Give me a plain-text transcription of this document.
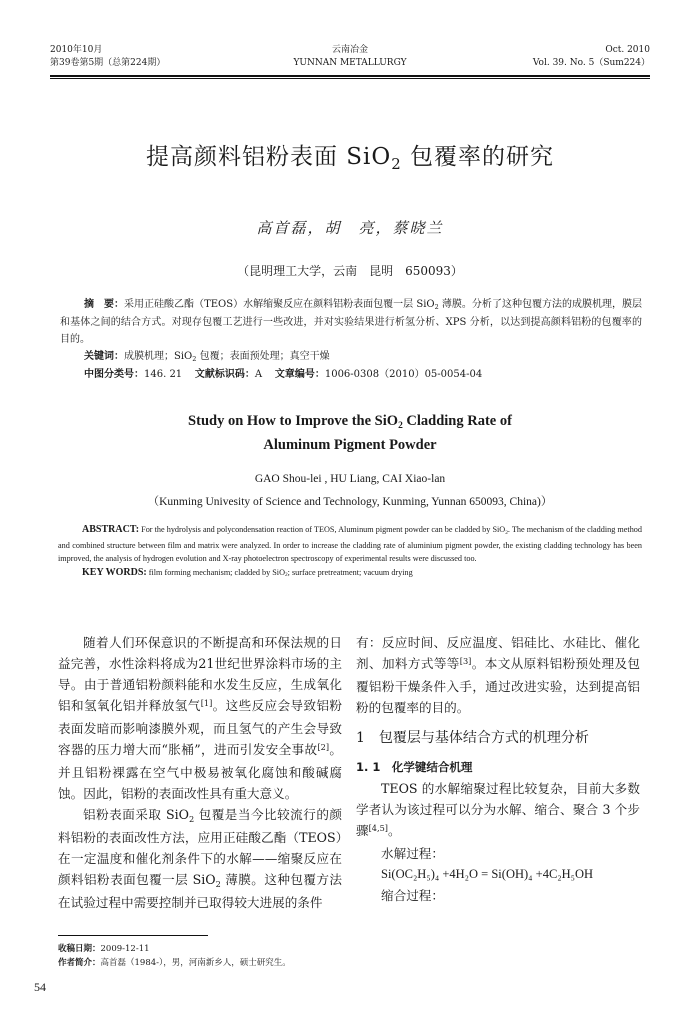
2010年10月
第39卷第5期（总第224期）
云南冶金
YUNNAN METALLURGY
Oct. 2010
Vol. 39. No. 5（Sum224）
提高颜料铝粉表面 SiO$_2$ 包覆率的研究
高首磊，胡　亮，蔡晓兰
（昆明理工大学，云南　昆明　650093）

摘　要：采用正硅酸乙酯（TEOS）水解缩聚反应在颜料铝粉表面包覆一层 SiO$_2$ 薄膜。分析了这种包覆方法的成膜机理，膜层和基体之间的结合方式。对现存包覆工艺进行一些改进，并对实验结果进行析氢分析、XPS 分析，以达到提高颜料铝粉的包覆率的目的。

关键词：成膜机理；SiO$_2$ 包覆；表面预处理；真空干燥

中图分类号：146. 21 文献标识码：A 文章编号：1006-0308（2010）05-0054-04

Study on How to Improve the SiO$_2$ Cladding Rate of
Aluminum Pigment Powder
GAO Shou-lei , HU Liang, CAI Xiao-lan
（Kunming Univesity of Science and Technology, Kunming, Yunnan 650093, China)）

ABSTRACT: For the hydrolysis and polycondensation reaction of TEOS, Aluminum pigment powder can be cladded by SiO$_2$. The mechanism of the cladding method and combined structure between film and matrix were analyzed. In order to increase the cladding rate of aluminium pigment powder, the existing cladding technology has been improved, the analysis of hydrogen evolution and X-ray photoelectron spectroscopy of experimental results were discussed too.

KEY WORDS: film forming mechanism; cladded by SiO$_2$; surface pretreatment; vacuum drying

随着人们环保意识的不断提高和环保法规的日益完善，水性涂料将成为21世纪世界涂料市场的主导。由于普通铝粉颜料能和水发生反应，生成氧化铝和氢氧化铝并释放氢气[1]。这些反应会导致铝粉表面发暗而影响漆膜外观，而且氢气的产生会导致容器的压力增大而“胀桶”，进而引发安全事故[2]。并且铝粉裸露在空气中极易被氧化腐蚀和酸碱腐蚀。因此，铝粉的表面改性具有重大意义。

铝粉表面采取 SiO$_2$ 包覆是当今比较流行的颜料铝粉的表面改性方法，应用正硅酸乙酯（TEOS）在一定温度和催化剂条件下的水解——缩聚反应在颜料铝粉表面包覆一层 SiO$_2$ 薄膜。这种包覆方法在试验过程中需要控制并已取得较大进展的条件

有：反应时间、反应温度、铝硅比、水硅比、催化剂、加料方式等等[3]。本文从原料铝粉预处理及包覆铝粉干燥条件入手，通过改进实验，达到提高铝粉的包覆率的目的。

1　包覆层与基体结合方式的机理分析

1. 1　化学键结合机理

TEOS 的水解缩聚过程比较复杂，目前大多数学者认为该过程可以分为水解、缩合、聚合 3 个步骤[4,5]。

水解过程：

Si(OC₂H₅)₄ +4H₂O = Si(OH)₄ +4C₂H₅OH

缩合过程：

收稿日期：2009-12-11
作者简介：高首磊（1984-），男，河南新乡人，硕士研究生。
54
